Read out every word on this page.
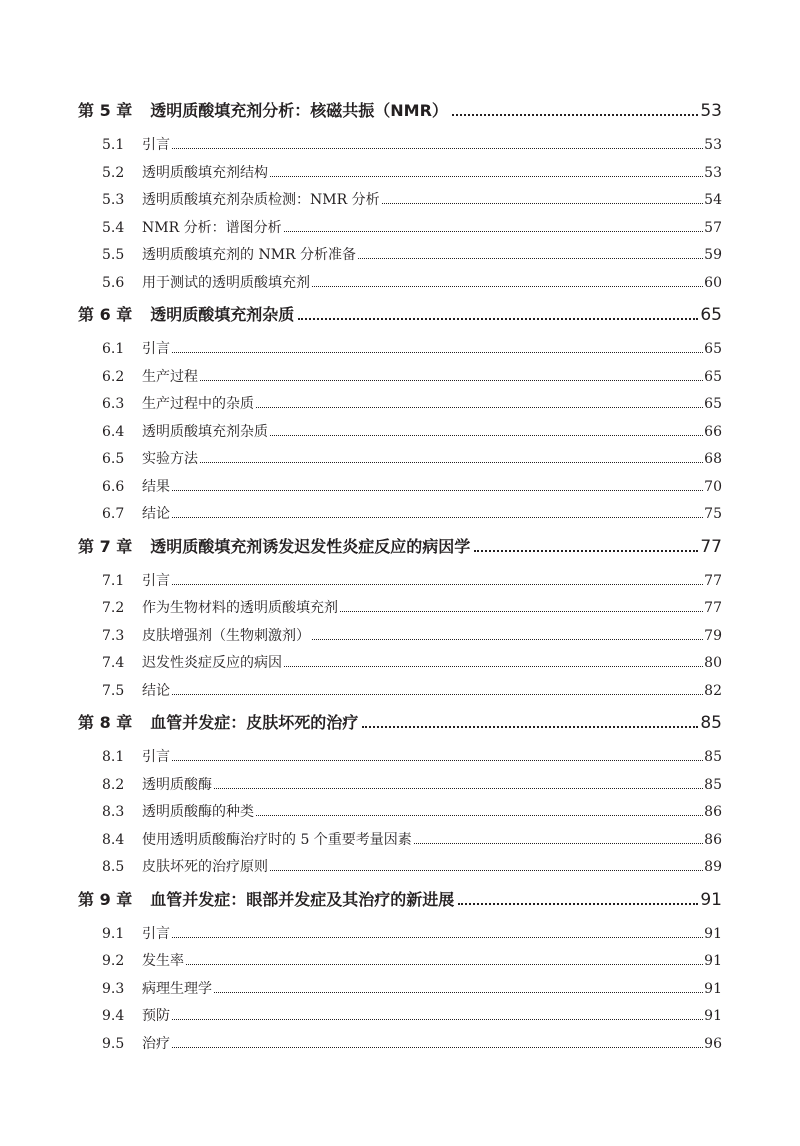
第 5 章 透明质酸填充剂分析：核磁共振（NMR）	53
5.1	引言	53
5.2	透明质酸填充剂结构	53
5.3	透明质酸填充剂杂质检测：NMR 分析	54
5.4	NMR 分析：谱图分析	57
5.5	透明质酸填充剂的 NMR 分析准备	59
5.6	用于测试的透明质酸填充剂	60
第 6 章 透明质酸填充剂杂质	65
6.1	引言	65
6.2	生产过程	65
6.3	生产过程中的杂质	65
6.4	透明质酸填充剂杂质	66
6.5	实验方法	68
6.6	结果	70
6.7	结论	75
第 7 章 透明质酸填充剂诱发迟发性炎症反应的病因学	77
7.1	引言	77
7.2	作为生物材料的透明质酸填充剂	77
7.3	皮肤增强剂（生物刺激剂）	79
7.4	迟发性炎症反应的病因	80
7.5	结论	82
第 8 章 血管并发症：皮肤坏死的治疗	85
8.1	引言	85
8.2	透明质酸酶	85
8.3	透明质酸酶的种类	86
8.4	使用透明质酸酶治疗时的 5 个重要考量因素	86
8.5	皮肤坏死的治疗原则	89
第 9 章 血管并发症：眼部并发症及其治疗的新进展	91
9.1	引言	91
9.2	发生率	91
9.3	病理生理学	91
9.4	预防	91
9.5	治疗	96
